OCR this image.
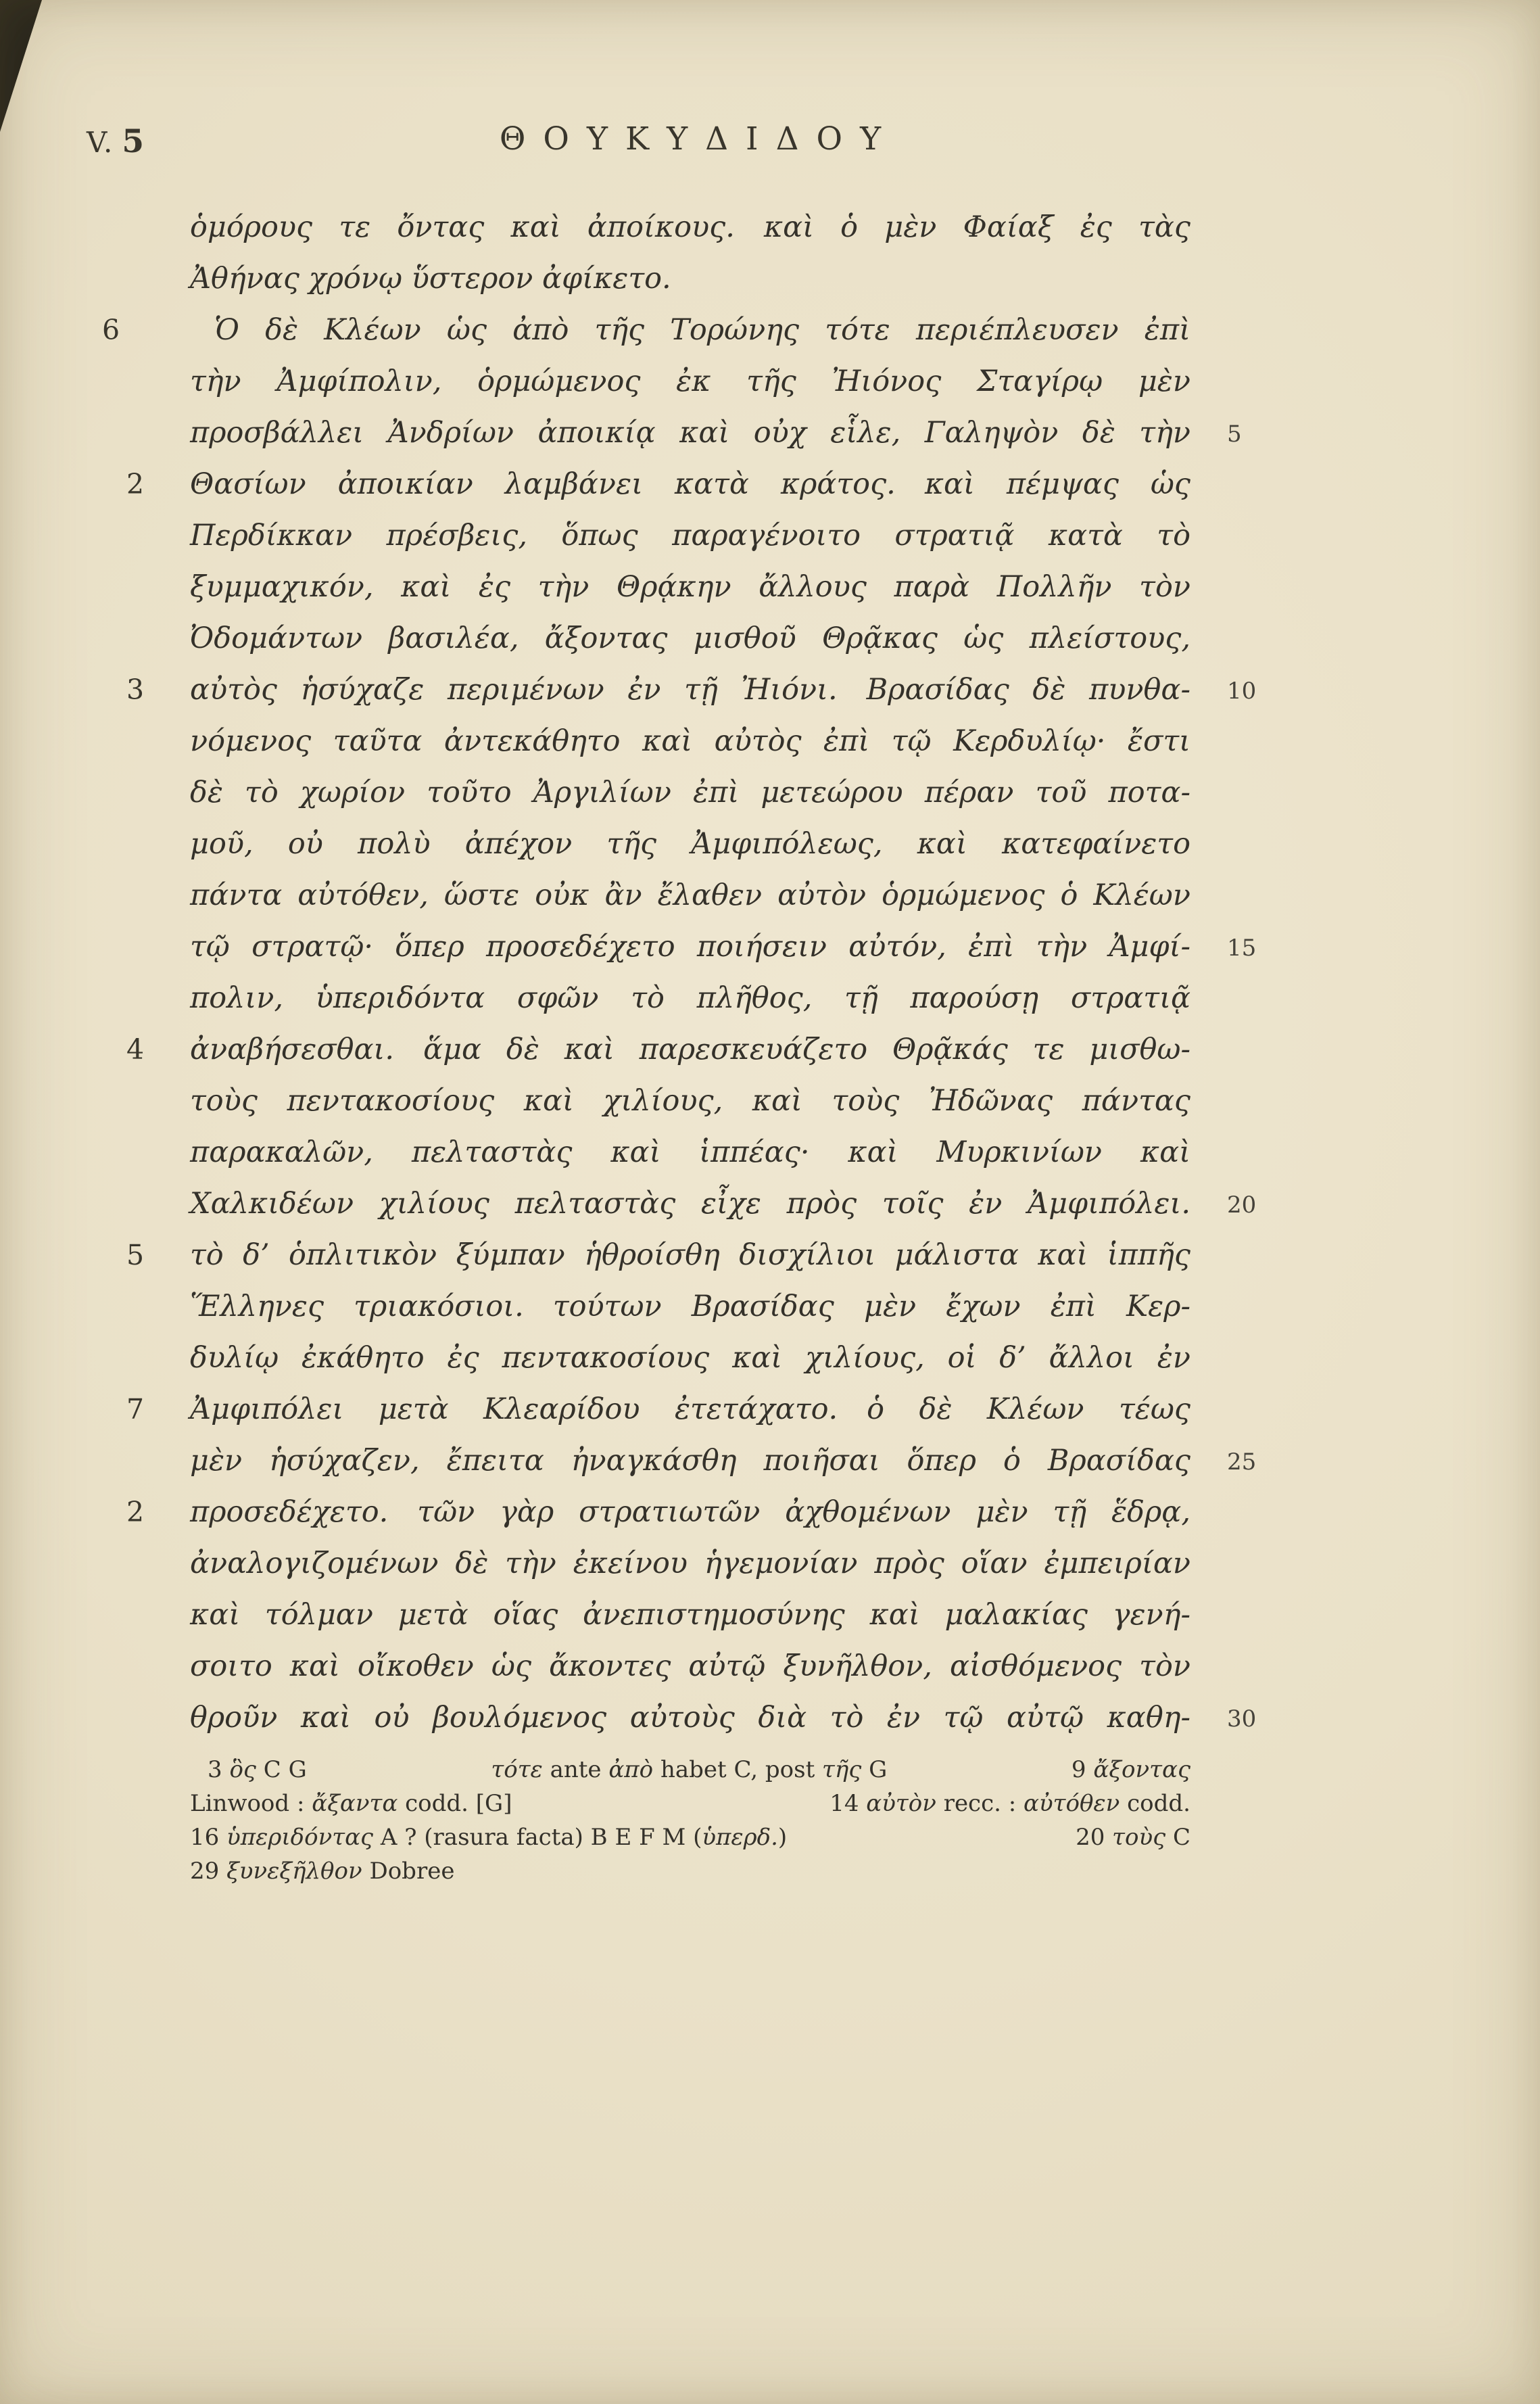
V. 5	ΘΟΥΚΥΔΙΔΟΥ
ὁμόρους τε ὄντας καὶ ἀποίκους. καὶ ὁ μὲν Φαίαξ ἐς τὰς
Ἀθήνας χρόνῳ ὕστερον ἀφίκετο.
6	Ὁ δὲ Κλέων ὡς ἀπὸ τῆς Τορώνης τότε περιέπλευσεν ἐπὶ
τὴν Ἀμφίπολιν, ὁρμώμενος ἐκ τῆς Ἠιόνος Σταγίρῳ μὲν
προσβάλλει Ἀνδρίων ἀποικίᾳ καὶ οὐχ εἷλε, Γαληψὸν δὲ τὴν 5
2 Θασίων ἀποικίαν λαμβάνει κατὰ κράτος. καὶ πέμψας ὡς
Περδίκκαν πρέσβεις, ὅπως παραγένοιτο στρατιᾷ κατὰ τὸ
ξυμμαχικόν, καὶ ἐς τὴν Θρᾴκην ἄλλους παρὰ Πολλῆν τὸν
Ὀδομάντων βασιλέα, ἄξοντας μισθοῦ Θρᾷκας ὡς πλείστους,
3 αὐτὸς ἡσύχαζε περιμένων ἐν τῇ Ἠιόνι. Βρασίδας δὲ πυνθα- 10
νόμενος ταῦτα ἀντεκάθητο καὶ αὐτὸς ἐπὶ τῷ Κερδυλίῳ· ἔστι
δὲ τὸ χωρίον τοῦτο Ἀργιλίων ἐπὶ μετεώρου πέραν τοῦ ποτα-
μοῦ, οὐ πολὺ ἀπέχον τῆς Ἀμφιπόλεως, καὶ κατεφαίνετο
πάντα αὐτόθεν, ὥστε οὐκ ἂν ἔλαθεν αὐτὸν ὁρμώμενος ὁ Κλέων
τῷ στρατῷ· ὅπερ προσεδέχετο ποιήσειν αὐτόν, ἐπὶ τὴν Ἀμφί- 15
πολιν, ὑπεριδόντα σφῶν τὸ πλῆθος, τῇ παρούσῃ στρατιᾷ
4 ἀναβήσεσθαι. ἅμα δὲ καὶ παρεσκευάζετο Θρᾷκάς τε μισθω-
τοὺς πεντακοσίους καὶ χιλίους, καὶ τοὺς Ἠδῶνας πάντας
παρακαλῶν, πελταστὰς καὶ ἱππέας· καὶ Μυρκινίων καὶ
Χαλκιδέων χιλίους πελταστὰς εἶχε πρὸς τοῖς ἐν Ἀμφιπόλει. 20
5 τὸ δ’ ὁπλιτικὸν ξύμπαν ἡθροίσθη δισχίλιοι μάλιστα καὶ ἱππῆς
Ἕλληνες τριακόσιοι. τούτων Βρασίδας μὲν ἔχων ἐπὶ Κερ-
δυλίῳ ἐκάθητο ἐς πεντακοσίους καὶ χιλίους, οἱ δ’ ἄλλοι ἐν
7 Ἀμφιπόλει μετὰ Κλεαρίδου ἐτετάχατο. ὁ δὲ Κλέων τέως
μὲν ἡσύχαζεν, ἔπειτα ἠναγκάσθη ποιῆσαι ὅπερ ὁ Βρασίδας 25
2 προσεδέχετο. τῶν γὰρ στρατιωτῶν ἀχθομένων μὲν τῇ ἕδρᾳ,
ἀναλογιζομένων δὲ τὴν ἐκείνου ἡγεμονίαν πρὸς οἵαν ἐμπειρίαν
καὶ τόλμαν μετὰ οἵας ἀνεπιστημοσύνης καὶ μαλακίας γενή-
σοιτο καὶ οἴκοθεν ὡς ἄκοντες αὐτῷ ξυνῆλθον, αἰσθόμενος τὸν
θροῦν καὶ οὐ βουλόμενος αὐτοὺς διὰ τὸ ἐν τῷ αὐτῷ καθη- 30
3 ὃς C G	τότε ante ἀπὸ habet C, post τῆς G	9 ἄξοντας
Linwood : ἄξαντα codd. [G]	14 αὐτὸν recc. : αὐτόθεν codd.
16 ὑπεριδόντας A ? (rasura facta) B E F M (ὑπερδ.)	20 τοὺς C
29 ξυνεξῆλθον Dobree
